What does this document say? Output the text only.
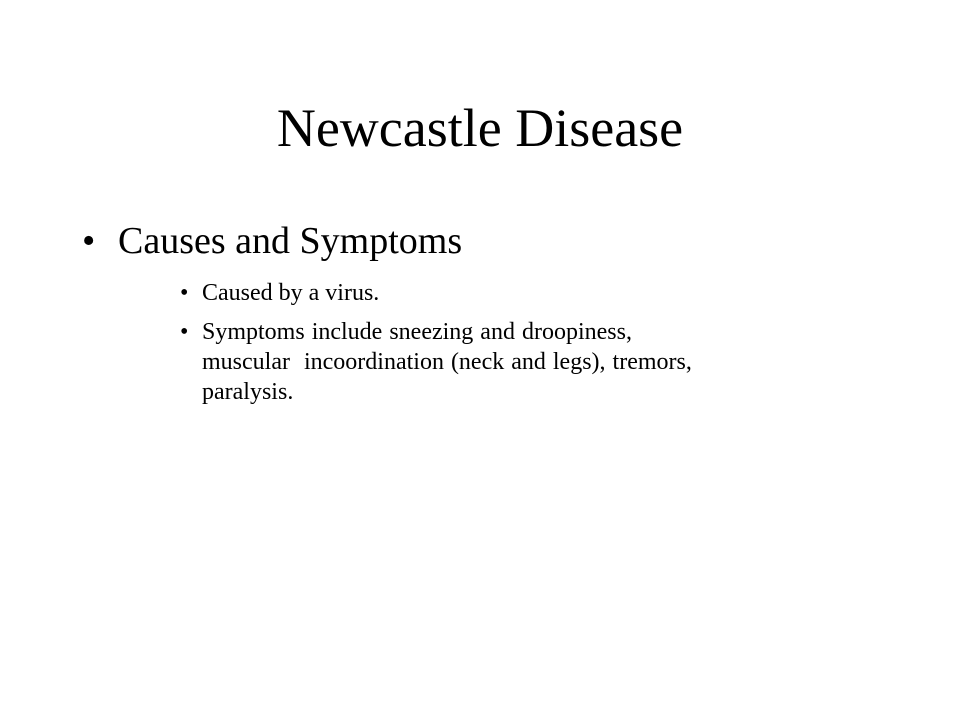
Newcastle Disease
• Causes and Symptoms
• Caused by a virus.
• Symptoms include sneezing and droopiness,
muscular  incoordination (neck and legs), tremors,
paralysis.
